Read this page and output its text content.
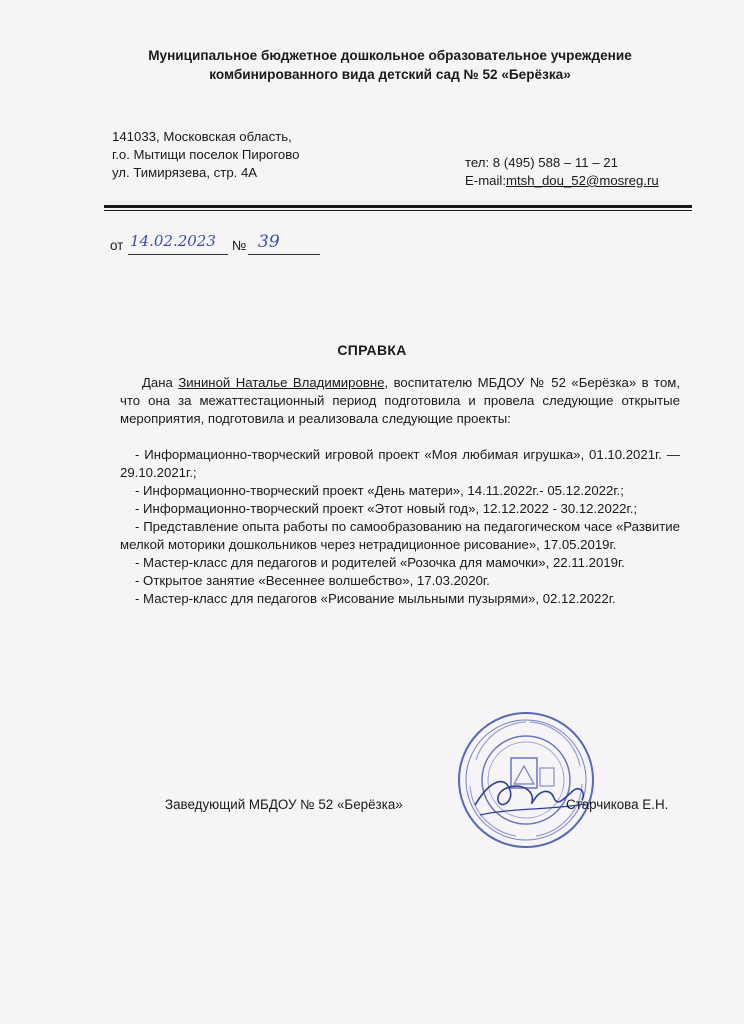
Муниципальное бюджетное дошкольное образовательное учреждение
комбинированного вида детский сад № 52 «Берёзка»
141033, Московская область,
г.о. Мытищи поселок Пирогово
ул. Тимирязева, стр. 4А
тел: 8 (495) 588 – 11 – 21
E-mail:mtsh_dou_52@mosreg.ru
от 14.02.2023 № 39
СПРАВКА

Дана Зининой Наталье Владимировне, воспитателю МБДОУ № 52 «Берёзка» в том, что она за межаттестационный период подготовила и провела следующие открытые мероприятия, подготовила и реализовала следующие проекты:

- Информационно-творческий игровой проект «Моя любимая игрушка», 01.10.2021г. — 29.10.2021г.;

- Информационно-творческий проект «День матери», 14.11.2022г.- 05.12.2022г.;

- Информационно-творческий проект «Этот новый год», 12.12.2022 - 30.12.2022г.;

- Представление опыта работы по самообразованию на педагогическом часе «Развитие мелкой моторики дошкольников через нетрадиционное рисование», 17.05.2019г.

- Мастер-класс для педагогов и родителей «Розочка для мамочки», 22.11.2019г.

- Открытое занятие «Весеннее волшебство», 17.03.2020г.

- Мастер-класс для педагогов «Рисование мыльными пузырями», 02.12.2022г.

Заведующий МБДОУ № 52 «Берёзка»	Старчикова Е.Н.
